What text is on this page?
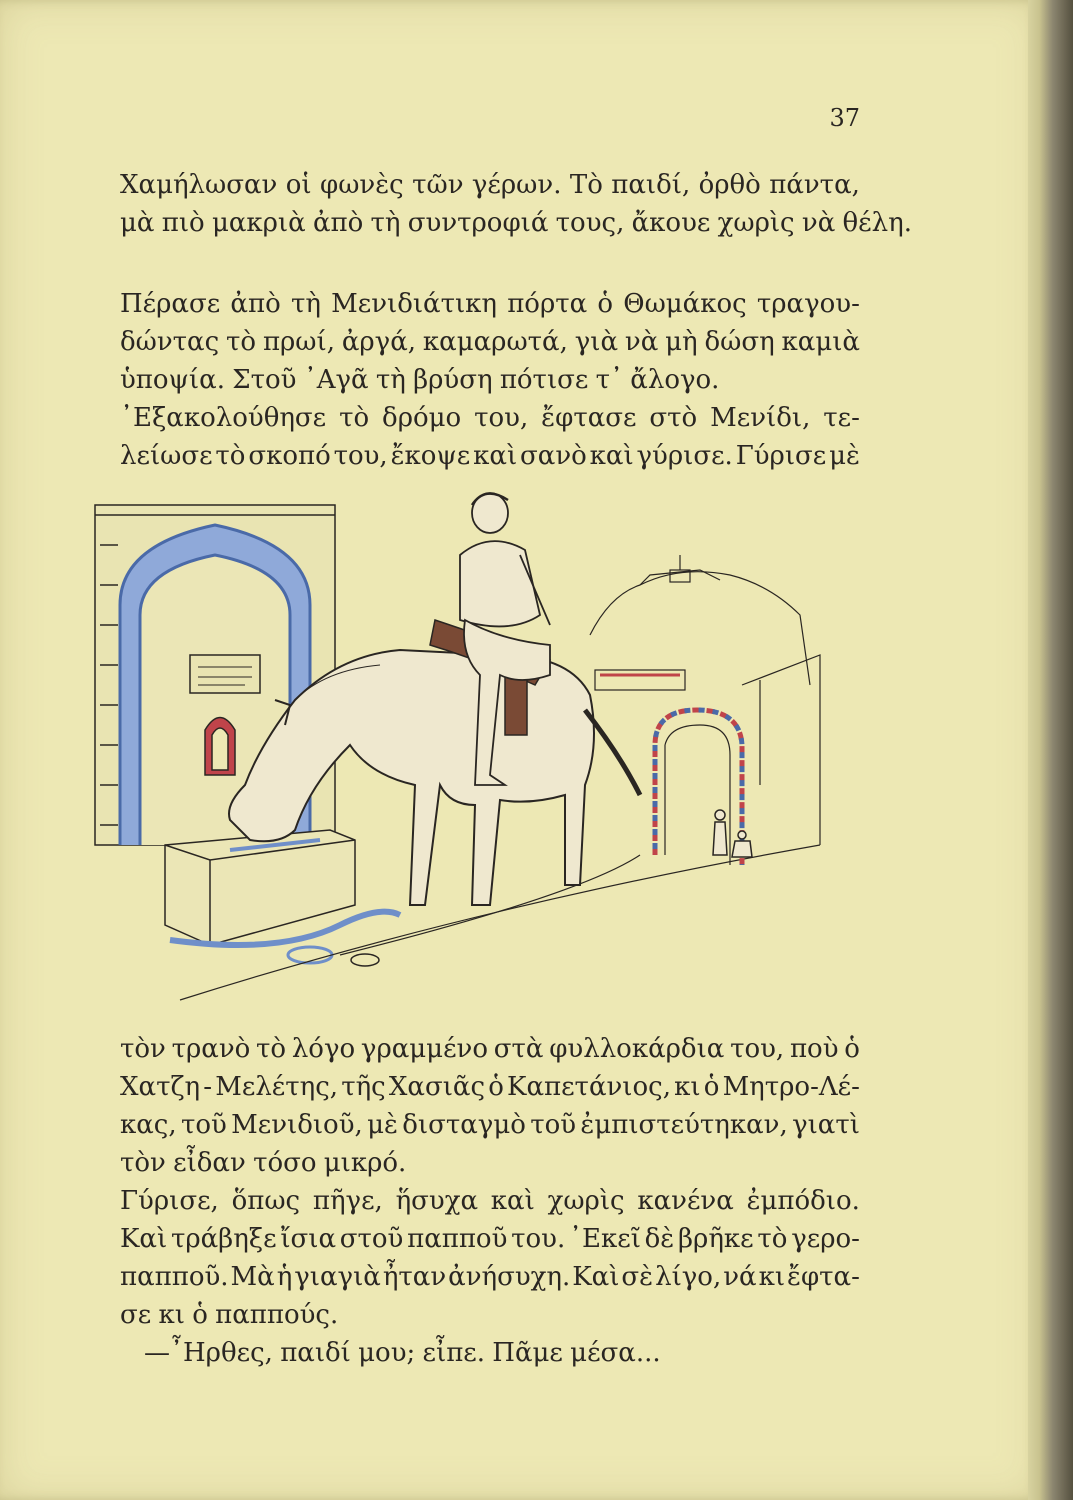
37
Χαμήλωσαν οἱ φωνὲς τῶν γέρων. Τὸ παιδί, ὀρθὸ πάντα,
μὰ πιὸ μακριὰ ἀπὸ τὴ συντροφιά τους, ἄκουε χωρὶς νὰ θέλη.
Πέρασε ἀπὸ τὴ Μενιδιάτικη πόρτα ὁ Θωμάκος τραγου-
δώντας τὸ πρωί, ἀργά, καμαρωτά, γιὰ νὰ μὴ δώση καμιὰ
ὑποψία. Στοῦ ᾿Αγᾶ τὴ βρύση πότισε τ᾿ ἄλογο.
᾿Εξακολούθησε τὸ δρόμο του, ἔφτασε στὸ Μενίδι, τε-
λείωσε τὸ σκοπό του, ἔκοψε καὶ σανὸ καὶ γύρισε. Γύρισε μὲ
τὸν τρανὸ τὸ λόγο γραμμένο στὰ φυλλοκάρδια του, ποὺ ὁ
Χατζη - Μελέτης, τῆς Χασιᾶς ὁ Καπετάνιος, κι ὁ Μητρο-Λέ-
κας, τοῦ Μενιδιοῦ, μὲ δισταγμὸ τοῦ ἐμπιστεύτηκαν, γιατὶ
τὸν εἶδαν τόσο μικρό.
Γύρισε, ὅπως πῆγε, ἥσυχα καὶ χωρὶς κανένα ἐμπόδιο.
Καὶ τράβηξε ἴσια στοῦ παπποῦ του. ᾿Εκεῖ δὲ βρῆκε τὸ γερο-
παπποῦ. Μὰ ἡ γιαγιὰ ἦταν ἀνήσυχη. Καὶ σὲ λίγο, νά κι ἔφτα-
σε κι ὁ παππούς.
—῏Ηρθες, παιδί μου; εἶπε. Πᾶμε μέσα...
